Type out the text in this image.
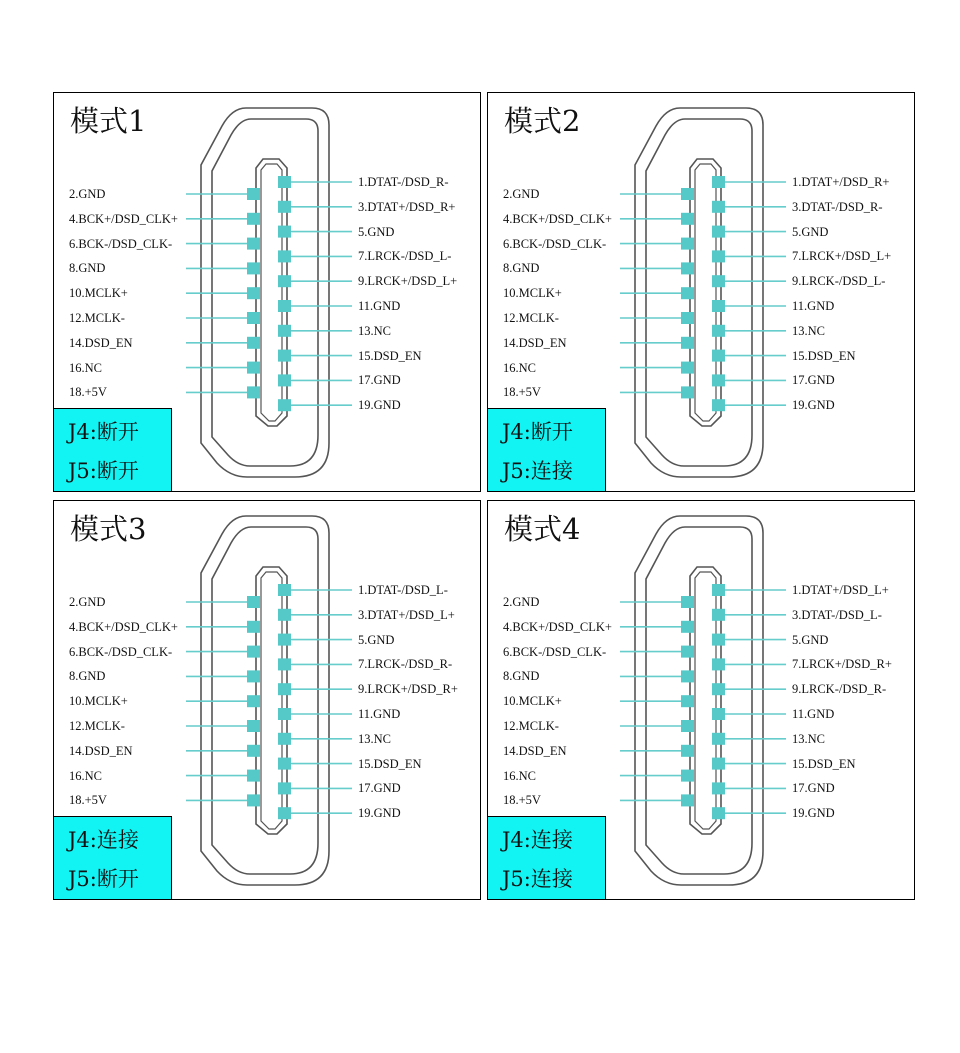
模式1
2.GND
4.BCK+/DSD_CLK+
6.BCK-/DSD_CLK-
8.GND
10.MCLK+
12.MCLK-
14.DSD_EN
16.NC
18.+5V
1.DTAT-/DSD_R-
3.DTAT+/DSD_R+
5.GND
7.LRCK-/DSD_L-
9.LRCK+/DSD_L+
11.GND
13.NC
15.DSD_EN
17.GND
19.GND
J4:断开
J5:断开
模式2
2.GND
4.BCK+/DSD_CLK+
6.BCK-/DSD_CLK-
8.GND
10.MCLK+
12.MCLK-
14.DSD_EN
16.NC
18.+5V
1.DTAT+/DSD_R+
3.DTAT-/DSD_R-
5.GND
7.LRCK+/DSD_L+
9.LRCK-/DSD_L-
11.GND
13.NC
15.DSD_EN
17.GND
19.GND
J4:断开
J5:连接
模式3
2.GND
4.BCK+/DSD_CLK+
6.BCK-/DSD_CLK-
8.GND
10.MCLK+
12.MCLK-
14.DSD_EN
16.NC
18.+5V
1.DTAT-/DSD_L-
3.DTAT+/DSD_L+
5.GND
7.LRCK-/DSD_R-
9.LRCK+/DSD_R+
11.GND
13.NC
15.DSD_EN
17.GND
19.GND
J4:连接
J5:断开
模式4
2.GND
4.BCK+/DSD_CLK+
6.BCK-/DSD_CLK-
8.GND
10.MCLK+
12.MCLK-
14.DSD_EN
16.NC
18.+5V
1.DTAT+/DSD_L+
3.DTAT-/DSD_L-
5.GND
7.LRCK+/DSD_R+
9.LRCK-/DSD_R-
11.GND
13.NC
15.DSD_EN
17.GND
19.GND
J4:连接
J5:连接
